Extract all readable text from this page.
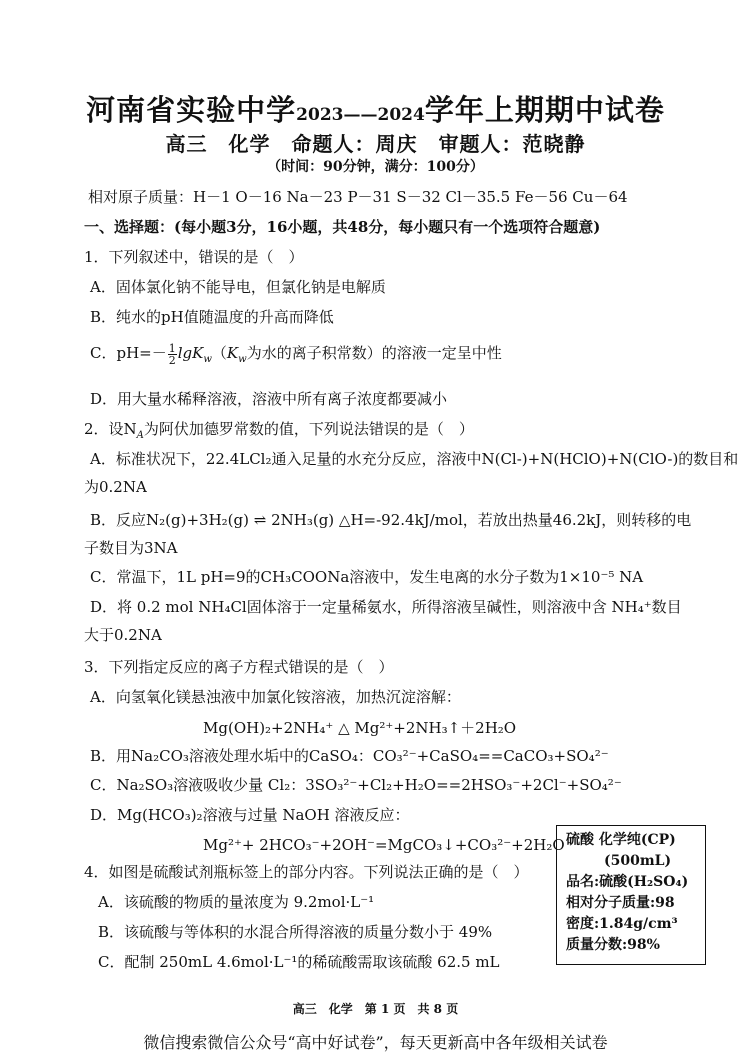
河南省实验中学2023——2024学年上期期中试卷
高三　化学　命题人：周庆　审题人：范晓静
（时间：90分钟，满分：100分）
相对原子质量：H－1 O－16 Na－23 P－31 S－32 Cl－35.5 Fe－56 Cu－64
一、选择题：(每小题3分，16小题，共48分，每小题只有一个选项符合题意)
1．下列叙述中，错误的是（　）
A．固体氯化钠不能导电，但氯化钠是电解质
B．纯水的pH值随温度的升高而降低
C．$pH=- \frac{1}{2} \lg K_w(K_w$为水的离子积常数）的溶液一定呈中性
D．用大量水稀释溶液，溶液中所有离子浓度都要减小
2．设$N_A$为阿伏加德罗常数的值，下列说法错误的是（　）
A．标准状况下，22.4LCl₂通入足量的水充分反应，溶液中N(Cl-)+N(HClO)+N(ClO-)的数目和
为0.2NA
B．反应N₂(g)+3H₂(g) ⇌ 2NH₃(g) △H=-92.4kJ/mol，若放出热量46.2kJ，则转移的电
子数目为3NA
C．常温下，1L pH=9的CH₃COONa溶液中，发生电离的水分子数为1×10⁻⁵ NA
D．将 0.2 mol NH₄Cl固体溶于一定量稀氨水，所得溶液呈碱性，则溶液中含 NH₄⁺数目
大于0.2NA
3．下列指定反应的离子方程式错误的是（　）
A．向氢氧化镁悬浊液中加氯化铵溶液，加热沉淀溶解：
Mg(OH)₂+2NH₄⁺ △ Mg²⁺+2NH₃↑＋2H₂O
B．用Na₂CO₃溶液处理水垢中的CaSO₄：CO₃²⁻+CaSO₄==CaCO₃+SO₄²⁻
C．Na₂SO₃溶液吸收少量 Cl₂：3SO₃²⁻+Cl₂+H₂O==2HSO₃⁻+2Cl⁻+SO₄²⁻
D．Mg(HCO₃)₂溶液与过量 NaOH 溶液反应：
Mg²⁺+ 2HCO₃⁻+2OH⁻=MgCO₃↓+CO₃²⁻+2H₂O
4．如图是硫酸试剂瓶标签上的部分内容。下列说法正确的是（　）
A．该硫酸的物质的量浓度为 9.2mol·L⁻¹
B．该硫酸与等体积的水混合所得溶液的质量分数小于 49%
C．配制 250mL 4.6mol·L⁻¹的稀硫酸需取该硫酸 62.5 mL
硫酸 化学纯(CP)
(500mL)
品名:硫酸(H₂SO₄)
相对分子质量:98
密度:1.84g/cm³
质量分数:98%
高三　化学　第 1 页　共 8 页
微信搜索微信公众号“高中好试卷”，每天更新高中各年级相关试卷
